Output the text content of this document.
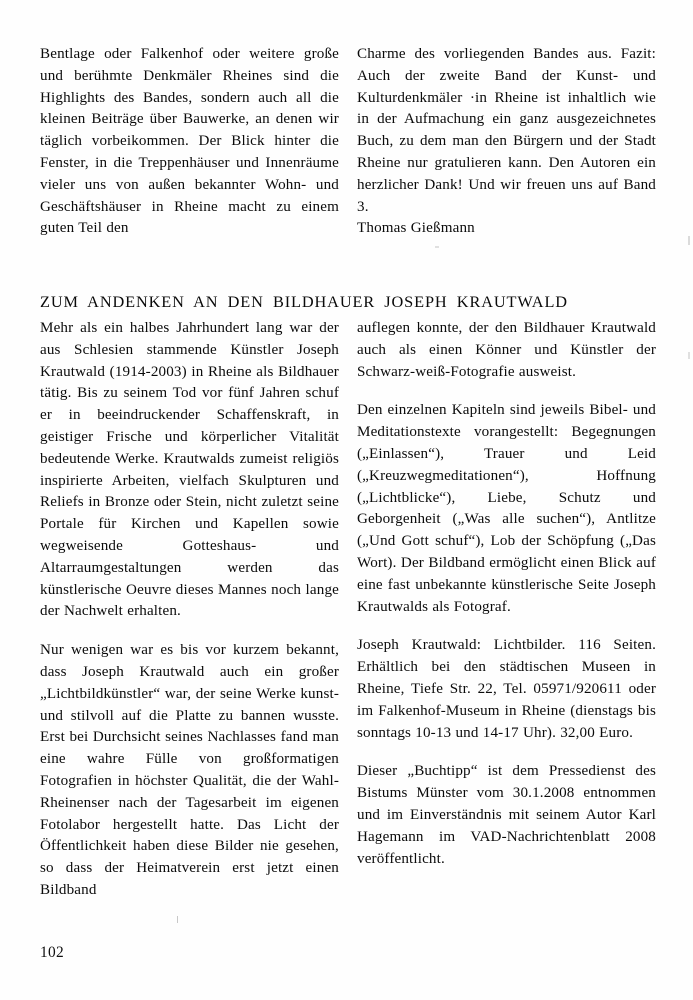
Bentlage oder Falkenhof oder weitere große und berühmte Denkmäler Rheines sind die Highlights des Bandes, sondern auch all die kleinen Beiträge über Bauwerke, an denen wir täglich vorbeikommen. Der Blick hinter die Fenster, in die Treppenhäuser und Innenräume vieler uns von außen bekannter Wohn- und Geschäftshäuser in Rheine macht zu einem guten Teil den

Charme des vorliegenden Bandes aus. Fazit: Auch der zweite Band der Kunst- und Kulturdenkmäler ·in Rheine ist inhaltlich wie in der Aufmachung ein ganz ausgezeichnetes Buch, zu dem man den Bürgern und der Stadt Rheine nur gratulieren kann. Den Autoren ein herzlicher Dank! Und wir freuen uns auf Band 3.

Thomas Gießmann

ZUM ANDENKEN AN DEN BILDHAUER JOSEPH KRAUTWALD

Mehr als ein halbes Jahrhundert lang war der aus Schlesien stammende Künstler Joseph Krautwald (1914-2003) in Rheine als Bildhauer tätig. Bis zu seinem Tod vor fünf Jahren schuf er in beeindruckender Schaffenskraft, in geistiger Frische und körperlicher Vitalität bedeutende Werke. Krautwalds zumeist religiös inspirierte Arbeiten, vielfach Skulpturen und Reliefs in Bronze oder Stein, nicht zuletzt seine Portale für Kirchen und Kapellen sowie wegweisende Gotteshaus- und Altarraumgestaltungen werden das künstlerische Oeuvre dieses Mannes noch lange der Nachwelt erhalten.

Nur wenigen war es bis vor kurzem bekannt, dass Joseph Krautwald auch ein großer „Lichtbildkünstler“ war, der seine Werke kunst- und stilvoll auf die Platte zu bannen wusste. Erst bei Durchsicht seines Nachlasses fand man eine wahre Fülle von großformatigen Fotografien in höchster Qualität, die der Wahl-Rheinenser nach der Tagesarbeit im eigenen Fotolabor hergestellt hatte. Das Licht der Öffentlichkeit haben diese Bilder nie gesehen, so dass der Heimatverein erst jetzt einen Bildband

auflegen konnte, der den Bildhauer Krautwald auch als einen Könner und Künstler der Schwarz-weiß-Fotografie ausweist.

Den einzelnen Kapiteln sind jeweils Bibel- und Meditationstexte vorangestellt: Begegnungen („Einlassen“), Trauer und Leid („Kreuzwegmeditationen“), Hoffnung („Lichtblicke“), Liebe, Schutz und Geborgenheit („Was alle suchen“), Antlitze („Und Gott schuf“), Lob der Schöpfung („Das Wort). Der Bildband ermöglicht einen Blick auf eine fast unbekannte künstlerische Seite Joseph Krautwalds als Fotograf.

Joseph Krautwald: Lichtbilder. 116 Seiten. Erhältlich bei den städtischen Museen in Rheine, Tiefe Str. 22, Tel. 05971/920611 oder im Falkenhof-Museum in Rheine (dienstags bis sonntags 10-13 und 14-17 Uhr). 32,00 Euro.

Dieser „Buchtipp“ ist dem Pressedienst des Bistums Münster vom 30.1.2008 entnommen und im Einverständnis mit seinem Autor Karl Hagemann im VAD-Nachrichtenblatt 2008 veröffentlicht.

102
